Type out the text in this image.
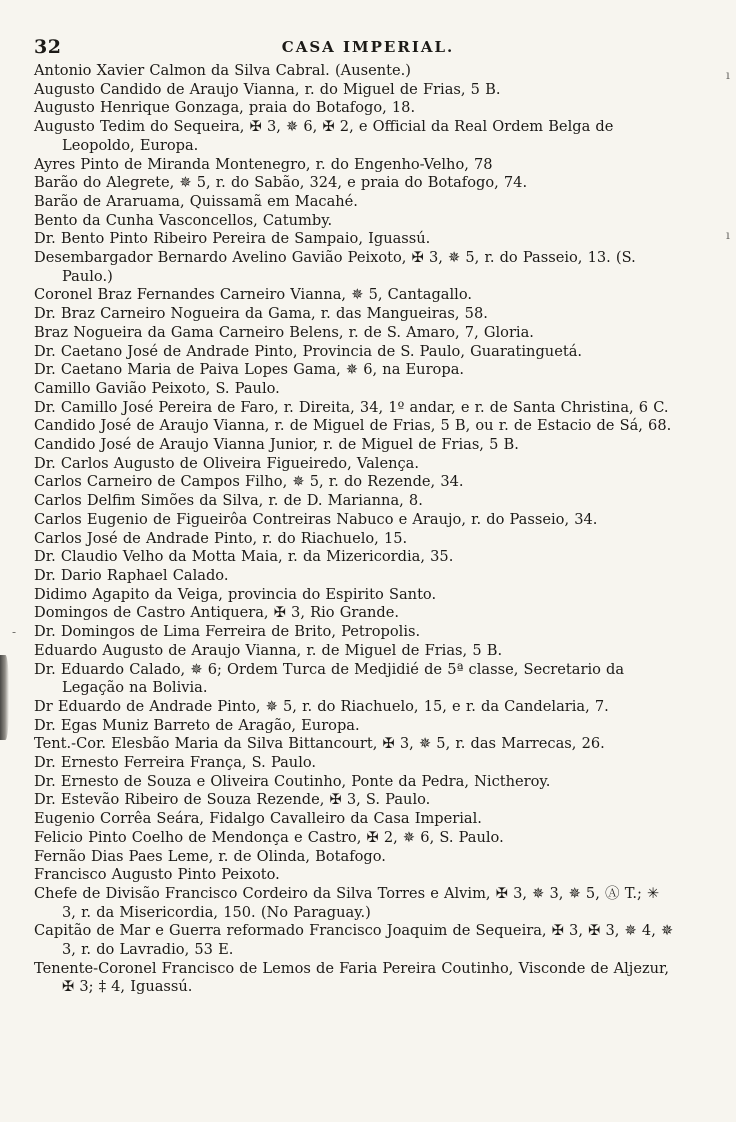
32	CASA IMPERIAL.
Antonio Xavier Calmon da Silva Cabral. (Ausente.)
Augusto Candido de Araujo Vianna, r. do Miguel de Frias, 5 B.
Augusto Henrique Gonzaga, praia do Botafogo, 18.
Augusto Tedim do Sequeira, ✠ 3, ✵ 6, ✠ 2, e Official da Real Ordem Belga de Leopoldo, Europa.
Ayres Pinto de Miranda Montenegro, r. do Engenho-Velho, 78
Barão do Alegrete, ✵ 5, r. do Sabão, 324, e praia do Botafogo, 74.
Barão de Araruama, Quissamã em Macahé.
Bento da Cunha Vasconcellos, Catumby.
Dr. Bento Pinto Ribeiro Pereira de Sampaio, Iguassú.
Desembargador Bernardo Avelino Gavião Peixoto, ✠ 3, ✵ 5, r. do Passeio, 13. (S. Paulo.)
Coronel Braz Fernandes Carneiro Vianna, ✵ 5, Cantagallo.
Dr. Braz Carneiro Nogueira da Gama, r. das Mangueiras, 58.
Braz Nogueira da Gama Carneiro Belens, r. de S. Amaro, 7, Gloria.
Dr. Caetano José de Andrade Pinto, Provincia de S. Paulo, Guaratinguetá.
Dr. Caetano Maria de Paiva Lopes Gama, ✵ 6, na Europa.
Camillo Gavião Peixoto, S. Paulo.
Dr. Camillo José Pereira de Faro, r. Direita, 34, 1º andar, e r. de Santa Christina, 6 C.
Candido José de Araujo Vianna, r. de Miguel de Frias, 5 B, ou r. de Estacio de Sá, 68.
Candido José de Araujo Vianna Junior, r. de Miguel de Frias, 5 B.
Dr. Carlos Augusto de Oliveira Figueiredo, Valença.
Carlos Carneiro de Campos Filho, ✵ 5, r. do Rezende, 34.
Carlos Delfim Simões da Silva, r. de D. Marianna, 8.
Carlos Eugenio de Figueirôa Contreiras Nabuco e Araujo, r. do Passeio, 34.
Carlos José de Andrade Pinto, r. do Riachuelo, 15.
Dr. Claudio Velho da Motta Maia, r. da Mizericordia, 35.
Dr. Dario Raphael Calado.
Didimo Agapito da Veiga, provincia do Espirito Santo.
Domingos de Castro Antiquera, ✠ 3, Rio Grande.
Dr. Domingos de Lima Ferreira de Brito, Petropolis.
Eduardo Augusto de Araujo Vianna, r. de Miguel de Frias, 5 B.
Dr. Eduardo Calado, ✵ 6; Ordem Turca de Medjidié de 5ª classe, Secretario da Legação na Bolivia.
Dr Eduardo de Andrade Pinto, ✵ 5, r. do Riachuelo, 15, e r. da Candelaria, 7.
Dr. Egas Muniz Barreto de Aragão, Europa.
Tent.-Cor. Elesbão Maria da Silva Bittancourt, ✠ 3, ✵ 5, r. das Marrecas, 26.
Dr. Ernesto Ferreira França, S. Paulo.
Dr. Ernesto de Souza e Oliveira Coutinho, Ponte da Pedra, Nictheroy.
Dr. Estevão Ribeiro de Souza Rezende, ✠ 3, S. Paulo.
Eugenio Corrêa Seára, Fidalgo Cavalleiro da Casa Imperial.
Felicio Pinto Coelho de Mendonça e Castro, ✠ 2, ✵ 6, S. Paulo.
Fernão Dias Paes Leme, r. de Olinda, Botafogo.
Francisco Augusto Pinto Peixoto.
Chefe de Divisão Francisco Cordeiro da Silva Torres e Alvim, ✠ 3, ✵ 3, ✵ 5, Ⓐ T.; ✳ 3, r. da Misericordia, 150. (No Paraguay.)
Capitão de Mar e Guerra reformado Francisco Joaquim de Sequeira, ✠ 3, ✠ 3, ✵ 4, ✵ 3, r. do Lavradio, 53 E.
Tenente-Coronel Francisco de Lemos de Faria Pereira Coutinho, Visconde de Aljezur, ✠ 3; ‡ 4, Iguassú.
ı
ı
-
